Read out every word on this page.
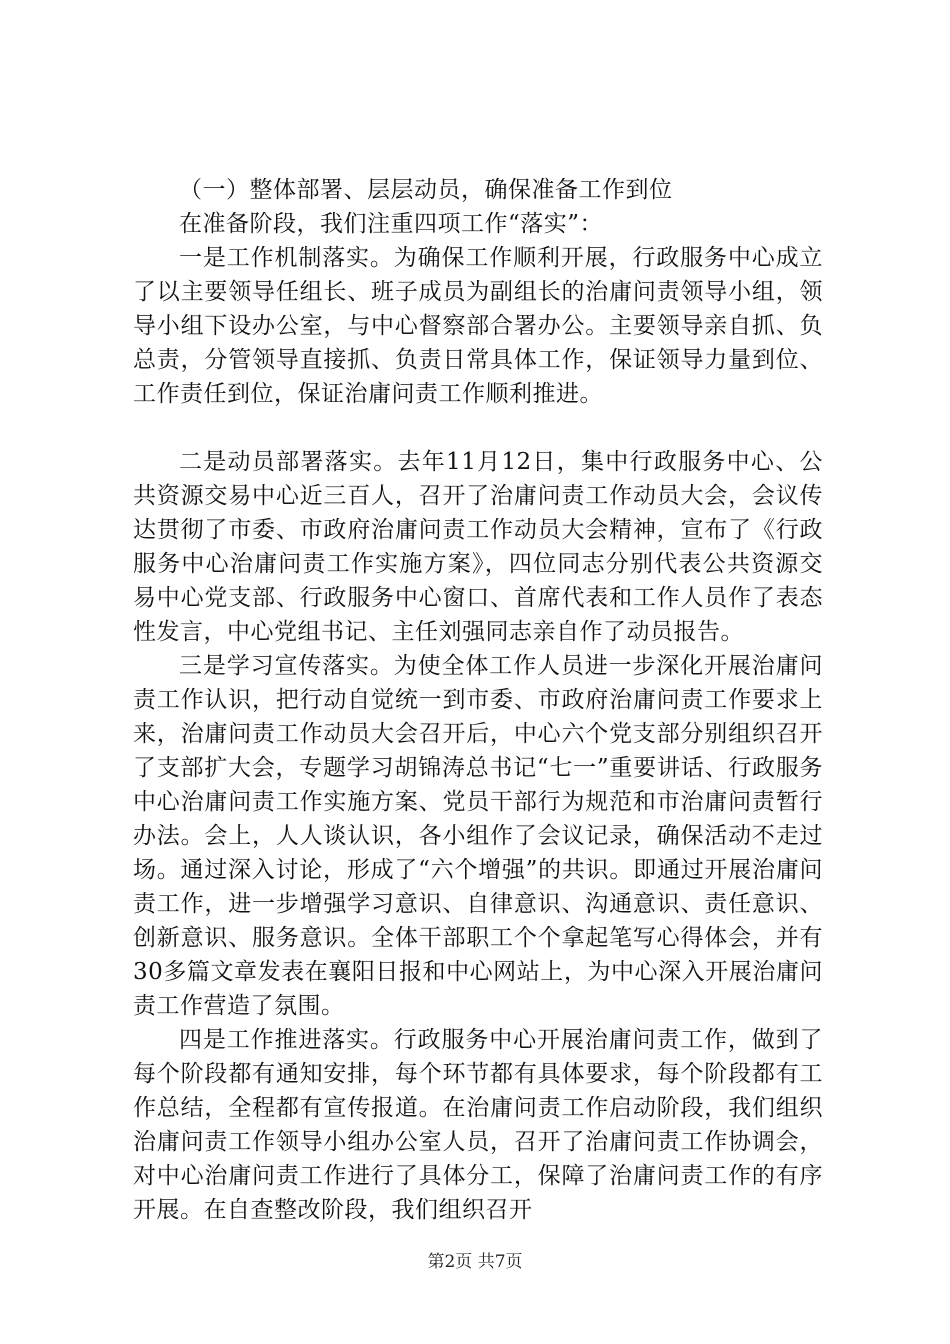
（一）整体部署、层层动员，确保准备工作到位

在准备阶段，我们注重四项工作“落实”：

一是工作机制落实。为确保工作顺利开展，行政服务中心成立了以主要领导任组长、班子成员为副组长的治庸问责领导小组，领导小组下设办公室，与中心督察部合署办公。主要领导亲自抓、负总责，分管领导直接抓、负责日常具体工作，保证领导力量到位、工作责任到位，保证治庸问责工作顺利推进。

二是动员部署落实。去年11月12日，集中行政服务中心、公共资源交易中心近三百人，召开了治庸问责工作动员大会，会议传达贯彻了市委、市政府治庸问责工作动员大会精神，宣布了《行政服务中心治庸问责工作实施方案》，四位同志分别代表公共资源交易中心党支部、行政服务中心窗口、首席代表和工作人员作了表态性发言，中心党组书记、主任刘强同志亲自作了动员报告。

三是学习宣传落实。为使全体工作人员进一步深化开展治庸问责工作认识，把行动自觉统一到市委、市政府治庸问责工作要求上来，治庸问责工作动员大会召开后，中心六个党支部分别组织召开了支部扩大会，专题学习胡锦涛总书记“七一”重要讲话、行政服务中心治庸问责工作实施方案、党员干部行为规范和市治庸问责暂行办法。会上，人人谈认识，各小组作了会议记录，确保活动不走过场。通过深入讨论，形成了“六个增强”的共识。即通过开展治庸问责工作，进一步增强学习意识、自律意识、沟通意识、责任意识、创新意识、服务意识。全体干部职工个个拿起笔写心得体会，并有30多篇文章发表在襄阳日报和中心网站上，为中心深入开展治庸问责工作营造了氛围。

四是工作推进落实。行政服务中心开展治庸问责工作，做到了每个阶段都有通知安排，每个环节都有具体要求，每个阶段都有工作总结，全程都有宣传报道。在治庸问责工作启动阶段，我们组织治庸问责工作领导小组办公室人员，召开了治庸问责工作协调会，对中心治庸问责工作进行了具体分工，保障了治庸问责工作的有序开展。在自查整改阶段，我们组织召开

第2页 共7页
